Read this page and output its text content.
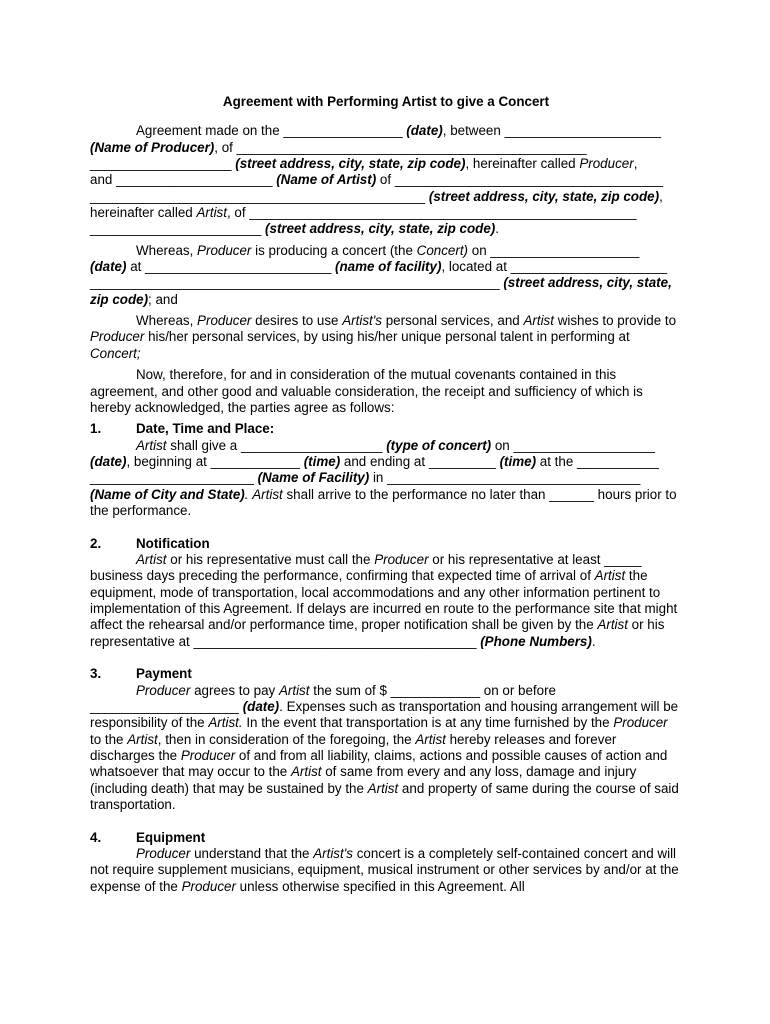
Agreement with Performing Artist to give a Concert

Agreement made on the ________________ (date), between _____________________
(Name of Producer), of _______________________________________________
___________________ (street address, city, state, zip code), hereinafter called Producer,
and _____________________ (Name of Artist) of ____________________________________
_____________________________________________ (street address, city, state, zip code),
hereinafter called Artist, of ____________________________________________________
_______________________ (street address, city, state, zip code).
Whereas, Producer is producing a concert (the Concert) on ____________________
(date) at _________________________ (name of facility), located at _____________________
_______________________________________________________ (street address, city, state, zip code); and

Whereas, Producer desires to use Artist's personal services, and Artist wishes to provide to Producer his/her personal services, by using his/her unique personal talent in performing at Concert;

Now, therefore, for and in consideration of the mutual covenants contained in this agreement, and other good and valuable consideration, the receipt and sufficiency of which is hereby acknowledged, the parties agree as follows:

1.	Date, Time and Place:
Artist shall give a ___________________ (type of concert) on ___________________
(date), beginning at ____________ (time) and ending at _________ (time) at the ___________
______________________ (Name of Facility) in __________________________________ (Name of City and State). Artist shall arrive to the performance no later than ______ hours prior to the performance.
2.	Notification

Artist or his representative must call the Producer or his representative at least _____ business days preceding the performance, confirming that expected time of arrival of Artist the equipment, mode of transportation, local accommodations and any other information pertinent to implementation of this Agreement. If delays are incurred en route to the performance site that might affect the rehearsal and/or performance time, proper notification shall be given by the Artist or his representative at ______________________________________ (Phone Numbers).

3.	Payment

Producer agrees to pay Artist the sum of $ ____________ on or before ____________________ (date). Expenses such as transportation and housing arrangement will be responsibility of the Artist. In the event that transportation is at any time furnished by the Producer to the Artist, then in consideration of the foregoing, the Artist hereby releases and forever discharges the Producer of and from all liability, claims, actions and possible causes of action and whatsoever that may occur to the Artist of same from every and any loss, damage and injury (including death) that may be sustained by the Artist and property of same during the course of said transportation.

4.	Equipment

Producer understand that the Artist's concert is a completely self-contained concert and will not require supplement musicians, equipment, musical instrument or other services by and/or at the expense of the Producer unless otherwise specified in this Agreement. All
